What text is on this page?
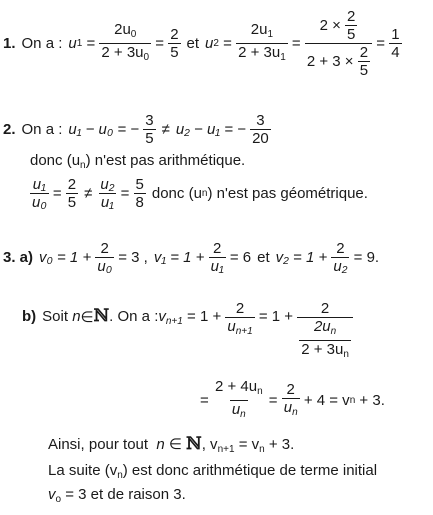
1. On a : u $1 = \frac{2u_0}{2 + 3u_0} = \frac{2}{5}$ et u $2 = \frac{2u_1}{2 + 3u_1} = 2$ ×
$\frac{2}{5}$
2 + 3 ×
$\frac{2}{5} = \frac{1}{4}$
2. On a : u₁ − u₀ = −
$\frac{3}{5} \ne u_2 - u_1$ = −
$\frac{3}{20}$
donc $(u_n)$ n'est pas arithmétique.
$\frac{\text{u₁}}{\text{u₀}} = \frac{2}{5} \ne \frac{\text{u₂}}{\text{u₁}} = \frac{5}{8}$ donc
(u n ) n'est pas géométrique.
3. a) v₀ = 1 +
$\frac{2}{\text{u₀}}$
= 3 , v₁ = 1 +
$\frac{2}{\text{u₁}}$
= 6 et v₂ = 1 +
$\frac{2}{\text{u₂}}$
= 9.
b) Soit
n ∈ ℕ . On a : $v_{n+1}$
= 1 +
$\frac{2}{u_{n+1}}$
= 1 +
$\frac{2}{\frac{2u_n}{2 + 3u_n}}$
=
$\frac{2 + 4u_n}{u_n}$
=
$\frac{2}{u_n}$
+ 4 = v n
+ 3.
Ainsi, pour tout n ∈ ℕ, $v_{n+1} = v_n + 3$.
La suite $(v_n)$ est donc arithmétique de terme initial
$v_o = 3$ et de raison 3.
